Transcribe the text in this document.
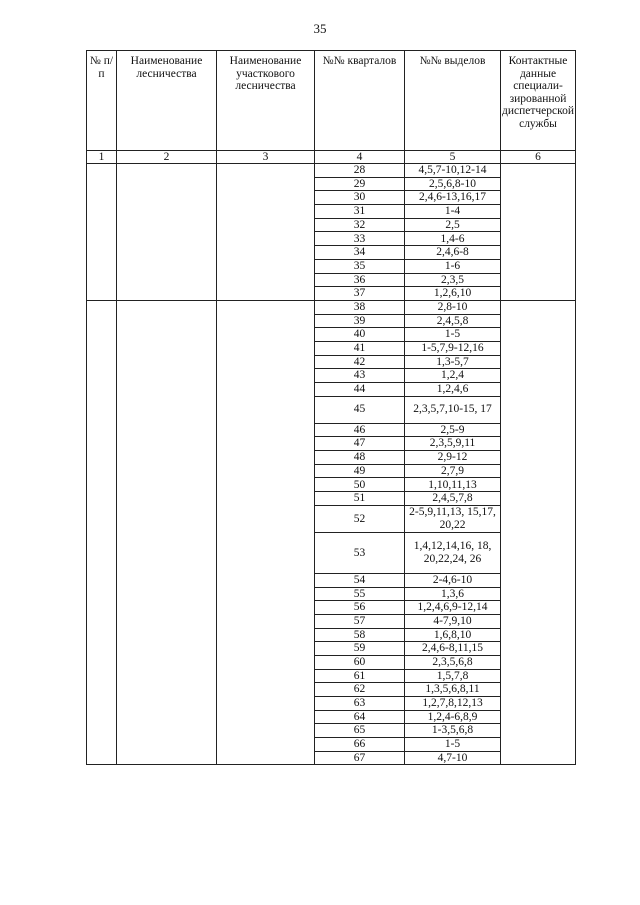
35
№ п/п	Наименование лесничества	Наименование участкового лесничества	№№ кварталов	№№ выделов	Контактные данные специали-зированной диспетчерской службы

1	2	3	4	5	6
			28	4,5,7-10,12-14	
			29	2,5,6,8-10	
			30	2,4,6-13,16,17	
			31	1-4	
			32	2,5	
			33	1,4-6	
			34	2,4,6-8	
			35	1-6	
			36	2,3,5	
			37	1,2,6,10	
			38	2,8-10	
			39	2,4,5,8	
			40	1-5	
			41	1-5,7,9-12,16	
			42	1,3-5,7	
			43	1,2,4	
			44	1,2,4,6	
			45	2,3,5,7,10-15, 17	
			46	2,5-9	
			47	2,3,5,9,11	
			48	2,9-12	
			49	2,7,9	
			50	1,10,11,13	
			51	2,4,5,7,8	
			52	2-5,9,11,13, 15,17, 20,22	
			53	1,4,12,14,16, 18, 20,22,24, 26	
			54	2-4,6-10	
			55	1,3,6	
			56	1,2,4,6,9-12,14	
			57	4-7,9,10	
			58	1,6,8,10	
			59	2,4,6-8,11,15	
			60	2,3,5,6,8	
			61	1,5,7,8	
			62	1,3,5,6,8,11	
			63	1,2,7,8,12,13	
			64	1,2,4-6,8,9	
			65	1-3,5,6,8	
			66	1-5	
			67	4,7-10	
